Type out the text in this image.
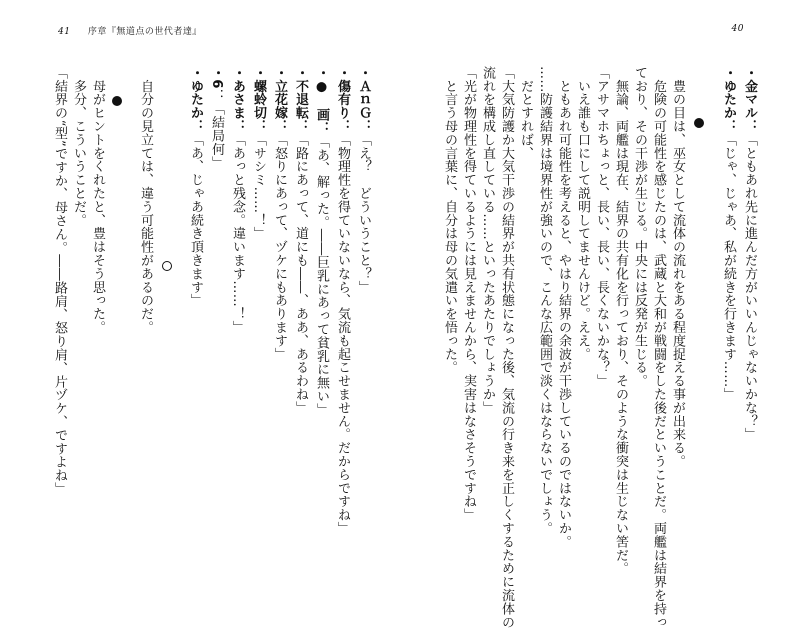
41 序章『無道点の世代者達』
・ＡｎＧ：「え？　どういうこと？」
・傷有り：「物理性を得ていないなら、気流も起こせません。だからですね」
・●　画：「あ、解った。――巨乳にあって貧乳に無い」
・不退転：「路にあって、道にも――、ああ、あるわね」
・立花嫁：「怒りにあって、ヅケにもあります」
・螺蛉切：「サシミ……！」
・あさま：「あっと残念。違います……！」
・6：「結局何」
・ゆたか：「あ、じゃあ続き頂きます」
　自分の見立ては、違う可能性があるのだ。
　母がヒントをくれたと、豊はそう思った。
　多分、こういうことだ。
「結界の“型”ですか、母さん。――路肩、怒り肩、片ヅケ、ですよね」
40
・金マル：「ともあれ先に進んだ方がいいんじゃないかな？」
・ゆたか：「じゃ、じゃあ、私が続きを行きます……」
　豊の目は、巫女として流体の流れをある程度捉える事が出来る。
　危険の可能性を感じたのは、武蔵と大和が戦闘をした後だということだ。両艦は結界を持っ
ており、その干渉が生じる。中央には反発が生じる。
　無論、両艦は現在、結界の共有化を行っており、そのような衝突は生じない筈だ。
「アサマホちょっと、長い、長い、長くないかな？」
　いえ誰も口にして説明してませんけど。ええ。
　ともあれ可能性を考えると、やはり結界の余波が干渉しているのではないか。
……防護結界は境界性が強いので、こんな広範囲で淡くはならないでしょう。
　だとすれば、
「大気防護か大気干渉の結界が共有状態になった後、気流の行き来を正しくするために流体の
流れを構成し直している……といったあたりでしょうか」
「光が物理性を得ているようには見えませんから、実害はなさそうですね」
　と言う母の言葉に、自分は母の気遣いを悟った。
